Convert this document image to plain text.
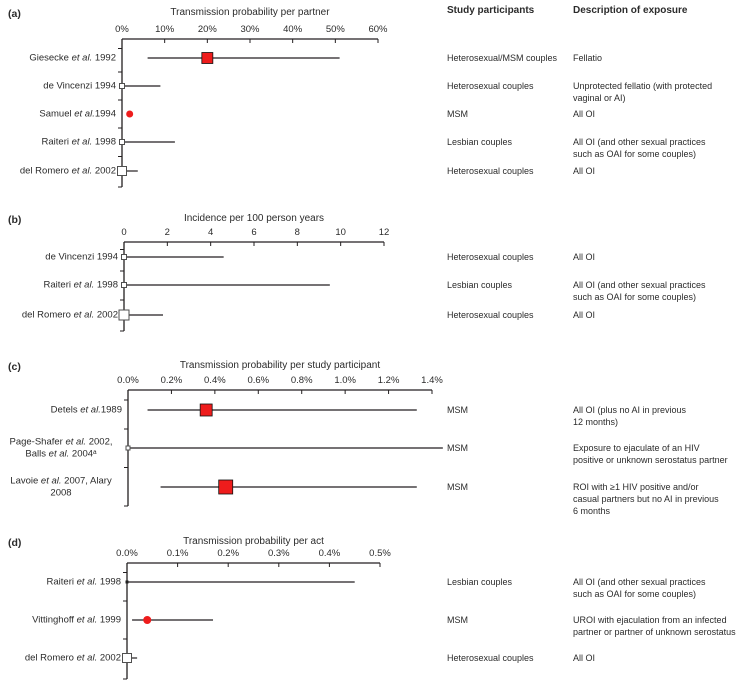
Study participants	Description of exposure
(a)	Transmission probability per partner
0%	10% 20% 30% 40% 50% 60%
Giesecke et al. 1992	Heterosexual/MSM couples	Fellatio
de Vincenzi 1994	Heterosexual couples	Unprotected fellatio (with protected
vaginal or AI)
Samuel et al.1994	MSM	All OI
Raiteri et al. 1998	Lesbian couples	All OI (and other sexual practices
such as OAI for some couples)
del Romero et al. 2002	Heterosexual couples	All OI
(b)	Incidence per 100 person years
0	2	4	6	8	10	12
de Vincenzi 1994	Heterosexual couples	All OI
Raiteri et al. 1998	Lesbian couples	All OI (and other sexual practices
such as OAI for some couples)
del Romero et al. 2002	Heterosexual couples	All OI
(c)	Transmission probability per study participant
0.0% 0.2% 0.4% 0.6% 0.8% 1.0% 1.2% 1.4%
Detels et al.1989	MSM	All OI (plus no AI in previous
12 months)
Page-Shafer et al. 2002,
Balls et al. 2004ᵃ	MSM	Exposure to ejaculate of an HIV
positive or unknown serostatus partner
Lavoie et al. 2007, Alary
2008	MSM	ROI with ≥1 HIV positive and/or
casual partners but no AI in previous
6 months
(d)	Transmission probability per act
0.0%	0.1%	0.2%	0.3%	0.4%	0.5%
Raiteri et al. 1998	Lesbian couples	All OI (and other sexual practices
such as OAI for some couples)
Vittinghoff et al. 1999	MSM	UROI with ejaculation from an infected
partner or partner of unknown serostatus
del Romero et al. 2002	Heterosexual couples	All OI
